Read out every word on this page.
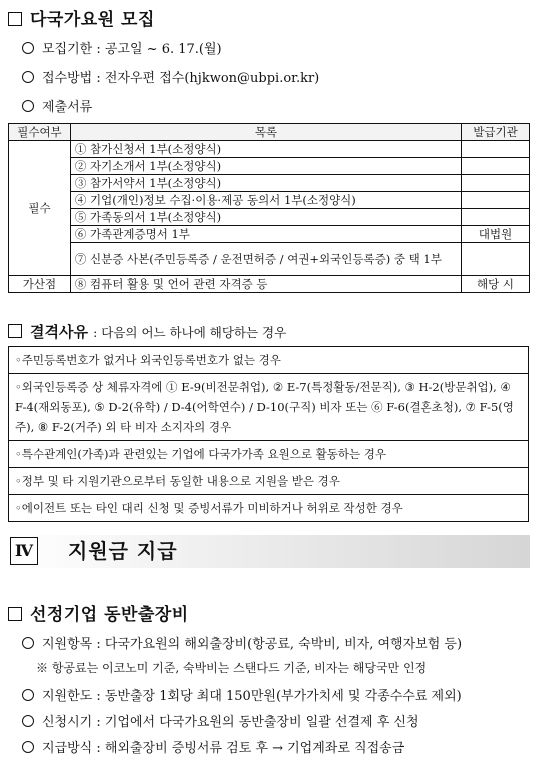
다국가요원 모집
모집기한 : 공고일 ~ 6. 17.(월)
접수방법 : 전자우편 접수(hjkwon@ubpi.or.kr)
제출서류
필수여부	목록	발급기관
필수	① 참가신청서 1부(소정양식)	
	② 자기소개서 1부(소정양식)	
	③ 참가서약서 1부(소정양식)	
	④ 기업(개인)정보 수집·이용·제공 동의서 1부(소정양식)	
	⑤ 가족동의서 1부(소정양식)	
	⑥ 가족관계증명서 1부	대법원
	⑦ 신분증 사본(주민등록증 / 운전면허증 / 여권+외국인등록증) 중 택 1부	
가산점	⑧ 컴퓨터 활용 및 언어 관련 자격증 등	해당 시
결격사유 : 다음의 어느 하나에 해당하는 경우
◦주민등록번호가 없거나 외국인등록번호가 없는 경우
◦외국인등록증 상 체류자격에 ① E-9(비전문취업), ② E-7(특정활동/전문직), ③ H-2(방문취업), ④ F-4(재외동포), ⑤ D-2(유학) / D-4(어학연수) / D-10(구직) 비자 또는 ⑥ F-6(결혼초청), ⑦ F-5(영주), ⑧ F-2(거주) 외 타 비자 소지자의 경우
◦특수관계인(가족)과 관련있는 기업에 다국가가족 요원으로 활동하는 경우
◦정부 및 타 지원기관으로부터 동일한 내용으로 지원을 받은 경우
◦에이전트 또는 타인 대리 신청 및 증빙서류가 미비하거나 허위로 작성한 경우
Ⅳ 지원금 지급
선정기업 동반출장비
지원항목 : 다국가요원의 해외출장비(항공료, 숙박비, 비자, 여행자보험 등)
※ 항공료는 이코노미 기준, 숙박비는 스탠다드 기준, 비자는 해당국만 인정
지원한도 : 동반출장 1회당 최대 150만원(부가가치세 및 각종수수료 제외)
신청시기 : 기업에서 다국가요원의 동반출장비 일괄 선결제 후 신청
지급방식 : 해외출장비 증빙서류 검토 후 → 기업계좌로 직접송금
